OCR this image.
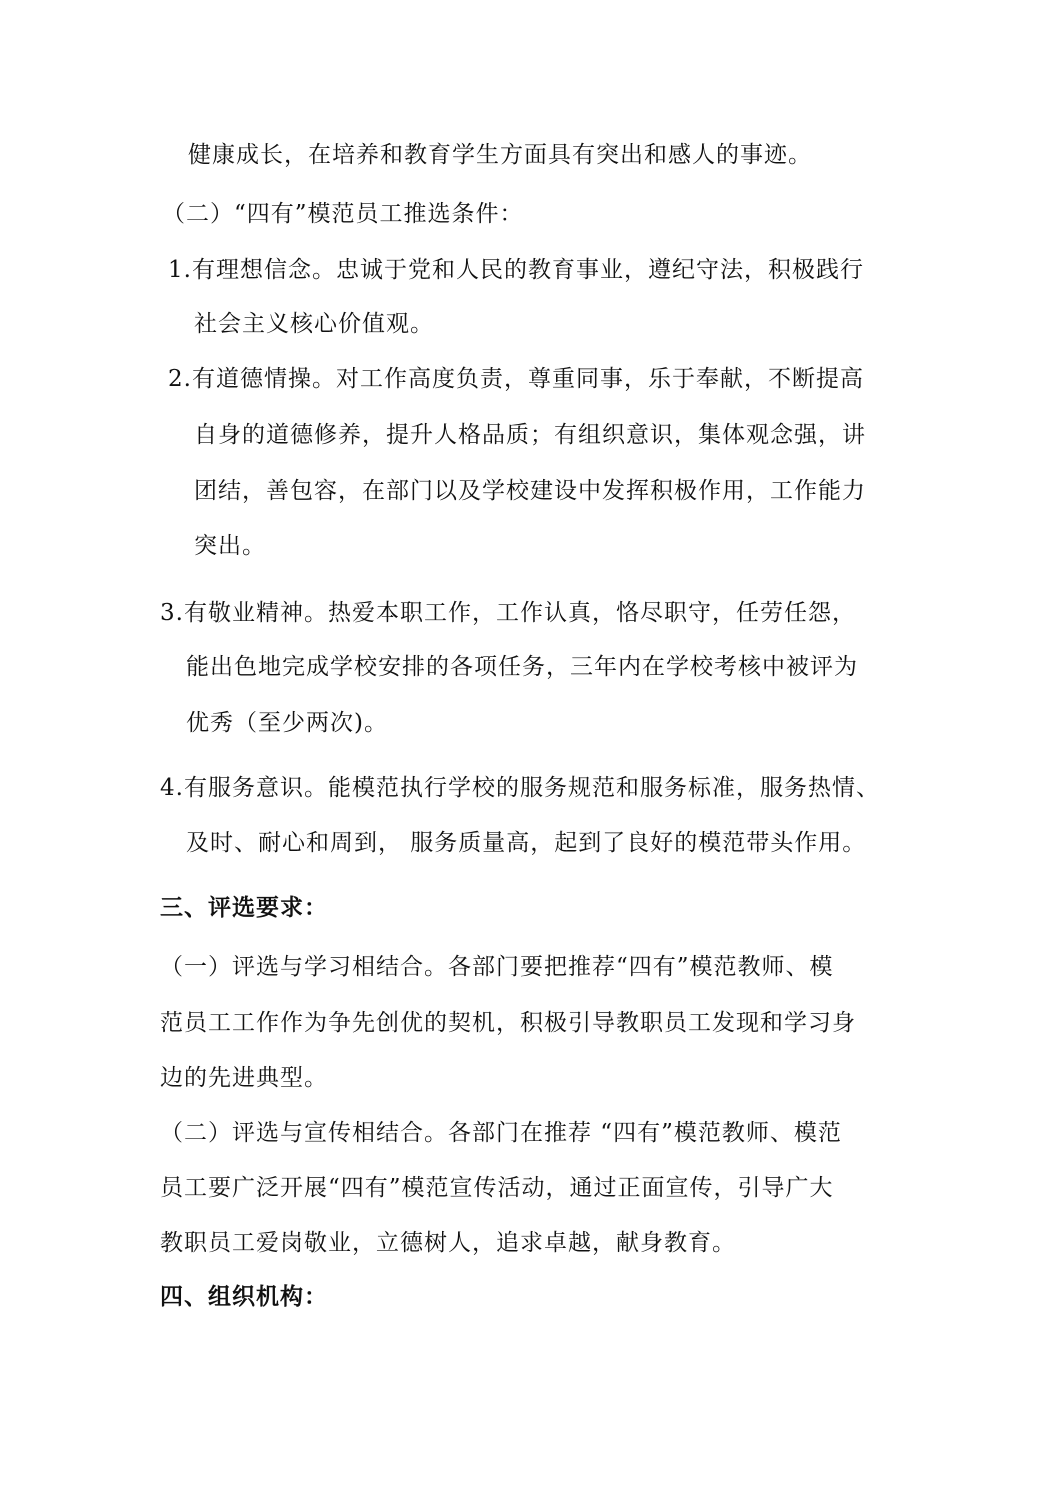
健康成长，在培养和教育学生方面具有突出和感人的事迹。
（二）“四有”模范员工推选条件：
1.有理想信念。忠诚于党和人民的教育事业，遵纪守法，积极践行
社会主义核心价值观。
2.有道德情操。对工作高度负责，尊重同事，乐于奉献，不断提高
自身的道德修养，提升人格品质；有组织意识，集体观念强，讲
团结，善包容，在部门以及学校建设中发挥积极作用，工作能力
突出。
3.有敬业精神。热爱本职工作，工作认真，恪尽职守，任劳任怨，
能出色地完成学校安排的各项任务，三年内在学校考核中被评为
优秀（至少两次)。
4.有服务意识。能模范执行学校的服务规范和服务标准，服务热情、
及时、耐心和周到， 服务质量高，起到了良好的模范带头作用。
三、评选要求：
（一）评选与学习相结合。各部门要把推荐“四有”模范教师、模
范员工工作作为争先创优的契机，积极引导教职员工发现和学习身
边的先进典型。
（二）评选与宣传相结合。各部门在推荐 “四有”模范教师、模范
员工要广泛开展“四有”模范宣传活动，通过正面宣传，引导广大
教职员工爱岗敬业，立德树人，追求卓越，献身教育。
四、组织机构：
